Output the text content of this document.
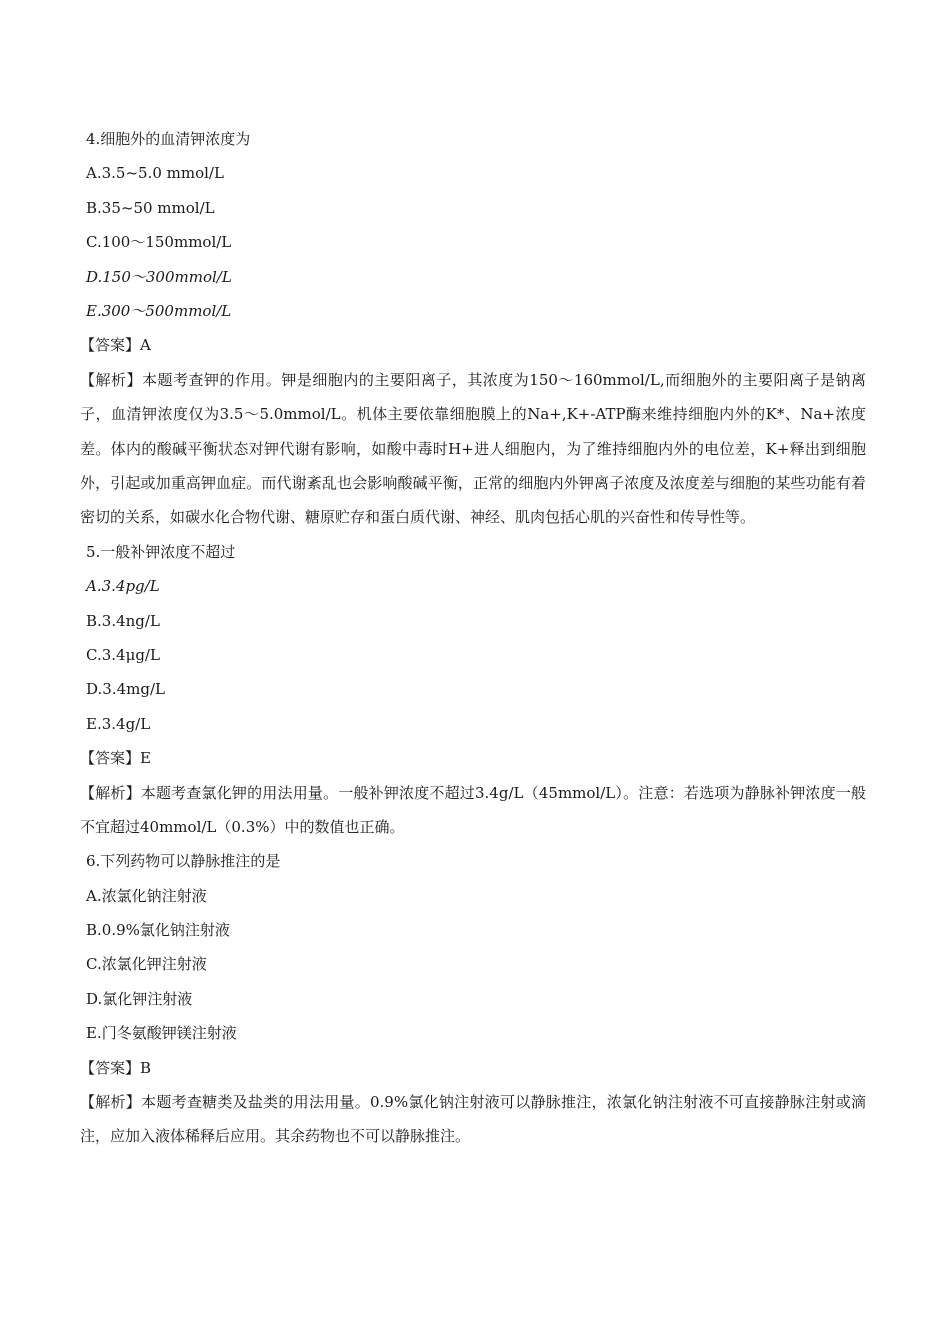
4.细胞外的血清钾浓度为
A.3.5~5.0 mmol/L
B.35~50 mmol/L
C.100～150mmol/L
D.150～300mmol/L
E.300～500mmol/L
【答案】A
【解析】本题考查钾的作用。钾是细胞内的主要阳离子，其浓度为150～160mmol/L,而细胞外的主要阳离子是钠离子，血清钾浓度仅为3.5～5.0mmol/L。机体主要依靠细胞膜上的Na+,K+-ATP酶来维持细胞内外的K*、Na+浓度差。体内的酸碱平衡状态对钾代谢有影响，如酸中毒时H+进人细胞内，为了维持细胞内外的电位差，K+释出到细胞外，引起或加重高钾血症。而代谢紊乱也会影响酸碱平衡，正常的细胞内外钾离子浓度及浓度差与细胞的某些功能有着密切的关系，如碳水化合物代谢、糖原贮存和蛋白质代谢、神经、肌肉包括心肌的兴奋性和传导性等。
5.一般补钾浓度不超过
A.3.4pg/L
B.3.4ng/L
C.3.4μg/L
D.3.4mg/L
E.3.4g/L
【答案】E
【解析】本题考查氯化钾的用法用量。一般补钾浓度不超过3.4g/L（45mmol/L）。注意：若选项为静脉补钾浓度一般不宜超过40mmol/L（0.3%）中的数值也正确。
6.下列药物可以静脉推注的是
A.浓氯化钠注射液
B.0.9%氯化钠注射液
C.浓氯化钾注射液
D.氯化钾注射液
E.门冬氨酸钾镁注射液
【答案】B
【解析】本题考查糖类及盐类的用法用量。0.9%氯化钠注射液可以静脉推注，浓氯化钠注射液不可直接静脉注射或滴注，应加入液体稀释后应用。其余药物也不可以静脉推注。
